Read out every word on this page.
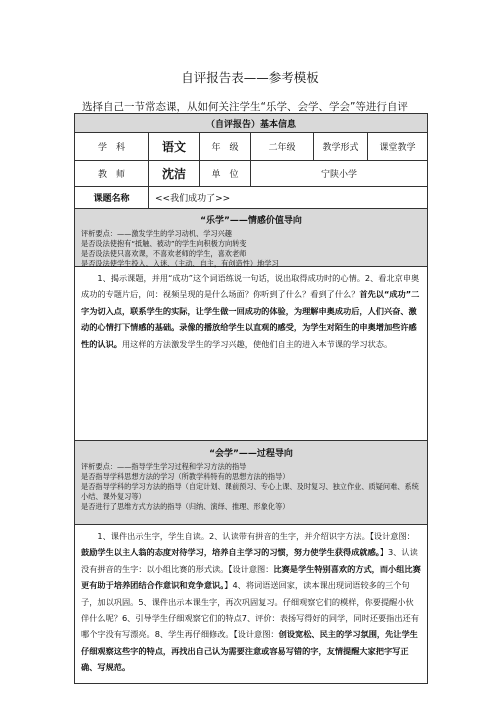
自评报告表——参考模板
选择自己一节常态课，从如何关注学生“乐学、会学、学会”等进行自评
（自评报告）基本信息
学　科	语文	年　级	二年级	教学形式	课堂教学
教　师	沈洁	单　位	宁陕小学
课题名称	<<我们成功了>>
“乐学”——情感价值导向
评析要点：——激发学生的学习动机、学习兴趣
是否设法使抱有“抵触、被动”的学生向积极方向转变
是否设法使只喜欢课，不喜欢老师的学生，喜欢老师
是否设法使学生投入、入迷、（主动、自主，有创造性）地学习

1、揭示课题，并用“成功”这个词语练说一句话，说出取得成功时的心情。2、看北京申奥成功的专题片后，问：视频呈现的是什么场面？你听到了什么？看到了什么？首先以“成功”二字为切入点，联系学生的实际，让学生做一回成功的体验，为理解申奥成功后，人们兴奋、激动的心情打下情感的基础。录像的播放给学生以直观的感受，为学生对陌生的申奥增加些许感性的认识。用这样的方法激发学生的学习兴趣，使他们自主的进入本节课的学习状态。

“会学”——过程导向
评析要点：——指导学生学习过程和学习方法的指导
是否指导学科思想方法的学习（所教学科特有的思想方法的指导）
是否指导学科的学习方法的指导（自定计划、课前预习、专心上课、及时复习、独立作业、质疑问难、系统小结、课外复习等）
是否进行了思维方式方法的指导（归纳、演绎、推理、形象化等）

1、课件出示生字，学生自读。2、认读带有拼音的生字，并介绍识字方法。【设计意图：鼓励学生以主人翁的态度对待学习，培养自主学习的习惯，努力使学生获得成就感。】3、认读没有拼音的生字：以小组比赛的形式读。【设计意图：比赛是学生特别喜欢的方式，而小组比赛更有助于培养团结合作意识和竞争意识。】4、将词语送回家，读本课出现词语较多的三个句子，加以巩固。5、课件出示本课生字，再次巩固复习。仔细观察它们的模样，你要提醒小伙伴什么呢？6、引导学生仔细观察它们的特点7、评价：表扬写得好的同学，同时还要指出还有哪个字没有写漂亮。8、学生再仔细修改。【设计意图：创设宽松、民主的学习氛围，先让学生仔细观察这些字的特点，再找出自己认为需要注意或容易写错的字，友情提醒大家把字写正确、写规范。
